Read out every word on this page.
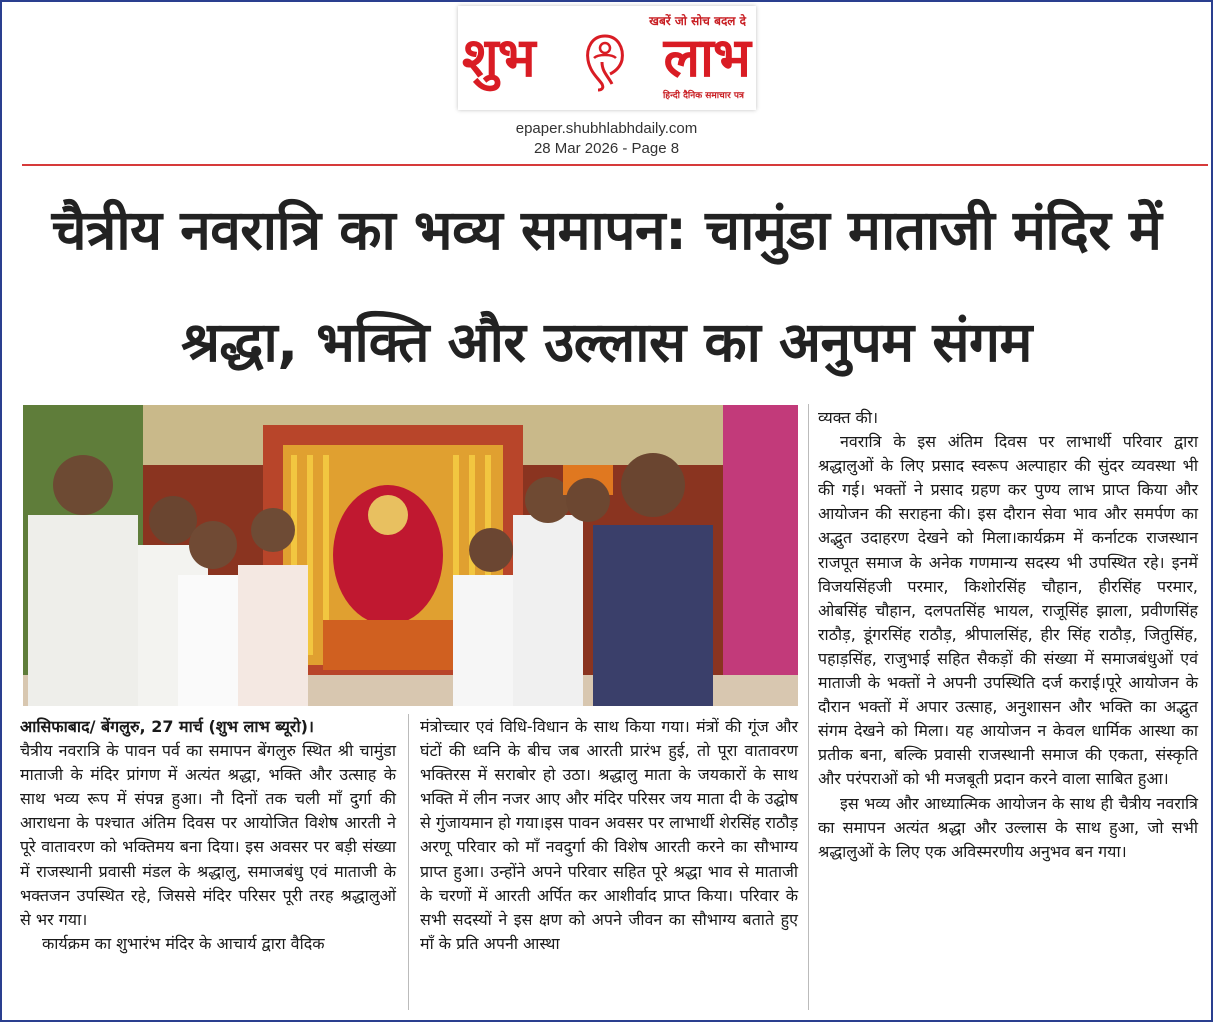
खबरें जो सोच बदल दे
शुभ लाभ
हिन्दी दैनिक समाचार पत्र
epaper.shubhlabhdaily.com
28 Mar 2026 - Page 8
चैत्रीय नवरात्रि का भव्य समापन: चामुंडा माताजी मंदिर में
श्रद्धा, भक्ति और उल्लास का अनुपम संगम

आसिफाबाद/ बेंगलुरु, 27 मार्च (शुभ लाभ ब्यूरो)।

चैत्रीय नवरात्रि के पावन पर्व का समापन बेंगलुरु स्थित श्री चामुंडा माताजी के मंदिर प्रांगण में अत्यंत श्रद्धा, भक्ति और उत्साह के साथ भव्य रूप में संपन्न हुआ। नौ दिनों तक चली माँ दुर्गा की आराधना के पश्चात अंतिम दिवस पर आयोजित विशेष आरती ने पूरे वातावरण को भक्तिमय बना दिया। इस अवसर पर बड़ी संख्या में राजस्थानी प्रवासी मंडल के श्रद्धालु, समाजबंधु एवं माताजी के भक्तजन उपस्थित रहे, जिससे मंदिर परिसर पूरी तरह श्रद्धालुओं से भर गया।

कार्यक्रम का शुभारंभ मंदिर के आचार्य द्वारा वैदिक

मंत्रोच्चार एवं विधि-विधान के साथ किया गया। मंत्रों की गूंज और घंटों की ध्वनि के बीच जब आरती प्रारंभ हुई, तो पूरा वातावरण भक्तिरस में सराबोर हो उठा। श्रद्धालु माता के जयकारों के साथ भक्ति में लीन नजर आए और मंदिर परिसर जय माता दी के उद्घोष से गुंजायमान हो गया।इस पावन अवसर पर लाभार्थी शेरसिंह राठौड़ अरणू परिवार को माँ नवदुर्गा की विशेष आरती करने का सौभाग्य प्राप्त हुआ। उन्होंने अपने परिवार सहित पूरे श्रद्धा भाव से माताजी के चरणों में आरती अर्पित कर आशीर्वाद प्राप्त किया। परिवार के सभी सदस्यों ने इस क्षण को अपने जीवन का सौभाग्य बताते हुए माँ के प्रति अपनी आस्था

व्यक्त की।

नवरात्रि के इस अंतिम दिवस पर लाभार्थी परिवार द्वारा श्रद्धालुओं के लिए प्रसाद स्वरूप अल्पाहार की सुंदर व्यवस्था भी की गई। भक्तों ने प्रसाद ग्रहण कर पुण्य लाभ प्राप्त किया और आयोजन की सराहना की। इस दौरान सेवा भाव और समर्पण का अद्भुत उदाहरण देखने को मिला।कार्यक्रम में कर्नाटक राजस्थान राजपूत समाज के अनेक गणमान्य सदस्य भी उपस्थित रहे। इनमें विजयसिंहजी परमार, किशोरसिंह चौहान, हीरसिंह परमार, ओबसिंह चौहान, दलपतसिंह भायल, राजूसिंह झाला, प्रवीणसिंह राठौड़, डूंगरसिंह राठौड़, श्रीपालसिंह, हीर सिंह राठौड़, जितुसिंह, पहाड़सिंह, राजुभाई सहित सैकड़ों की संख्या में समाजबंधुओं एवं माताजी के भक्तों ने अपनी उपस्थिति दर्ज कराई।पूरे आयोजन के दौरान भक्तों में अपार उत्साह, अनुशासन और भक्ति का अद्भुत संगम देखने को मिला। यह आयोजन न केवल धार्मिक आस्था का प्रतीक बना, बल्कि प्रवासी राजस्थानी समाज की एकता, संस्कृति और परंपराओं को भी मजबूती प्रदान करने वाला साबित हुआ।

इस भव्य और आध्यात्मिक आयोजन के साथ ही चैत्रीय नवरात्रि का समापन अत्यंत श्रद्धा और उल्लास के साथ हुआ, जो सभी श्रद्धालुओं के लिए एक अविस्मरणीय अनुभव बन गया।
